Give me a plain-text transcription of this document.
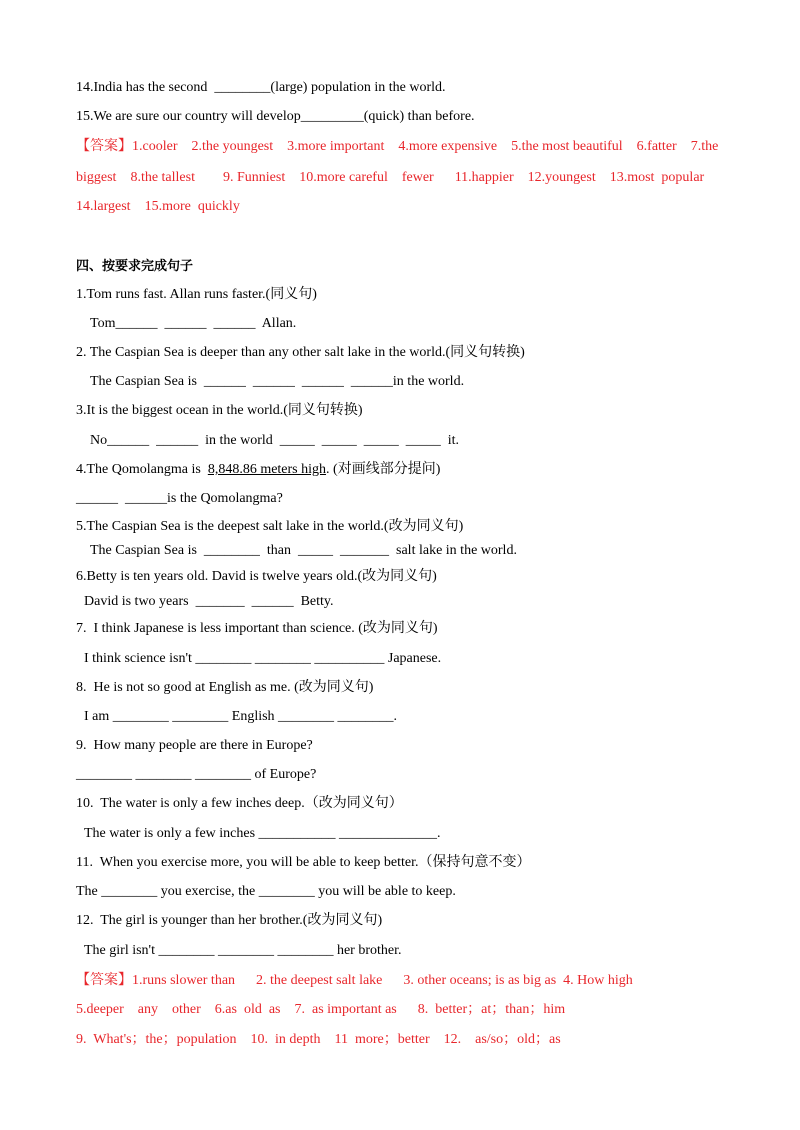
14.India has the second  ________(large) population in the world.
15.We are sure our country will develop_________(quick) than before.
【答案】1.cooler    2.the youngest    3.more important    4.more expensive    5.the most beautiful    6.fatter    7.the
biggest    8.the tallest        9. Funniest    10.more careful    fewer      11.happier    12.youngest    13.most  popular
14.largest    15.more  quickly
四、按要求完成句子
1.Tom runs fast. Allan runs faster.(同义句)
Tom______  ______  ______  Allan.
2. The Caspian Sea is deeper than any other salt lake in the world.(同义句转换)
The Caspian Sea is  ______  ______  ______  ______in the world.
3.It is the biggest ocean in the world.(同义句转换)
No______  ______  in the world  _____  _____  _____  _____  it.
4.The Qomolangma is  8,848.86 meters high. (对画线部分提问)
______  ______is the Qomolangma?
5.The Caspian Sea is the deepest salt lake in the world.(改为同义句)
The Caspian Sea is  ________  than  _____  _______  salt lake in the world.
6.Betty is ten years old. David is twelve years old.(改为同义句)
David is two years  _______  ______  Betty.
7.  I think Japanese is less important than science. (改为同义句)
I think science isn't ________ ________ __________ Japanese.
8.  He is not so good at English as me. (改为同义句)
I am ________ ________ English ________ ________.
9.  How many people are there in Europe?
________ ________ ________ of Europe?
10.  The water is only a few inches deep.（改为同义句）
The water is only a few inches ___________ ______________.
11.  When you exercise more, you will be able to keep better.（保持句意不变）
The ________ you exercise, the ________ you will be able to keep.
12.  The girl is younger than her brother.(改为同义句)
The girl isn't ________ ________ ________ her brother.
【答案】1.runs slower than      2. the deepest salt lake      3. other oceans; is as big as  4. How high
5.deeper    any    other    6.as  old  as    7.  as important as      8.  better；at；than；him
9.  What's；the；population    10.  in depth    11  more；better    12.    as/so；old；as
